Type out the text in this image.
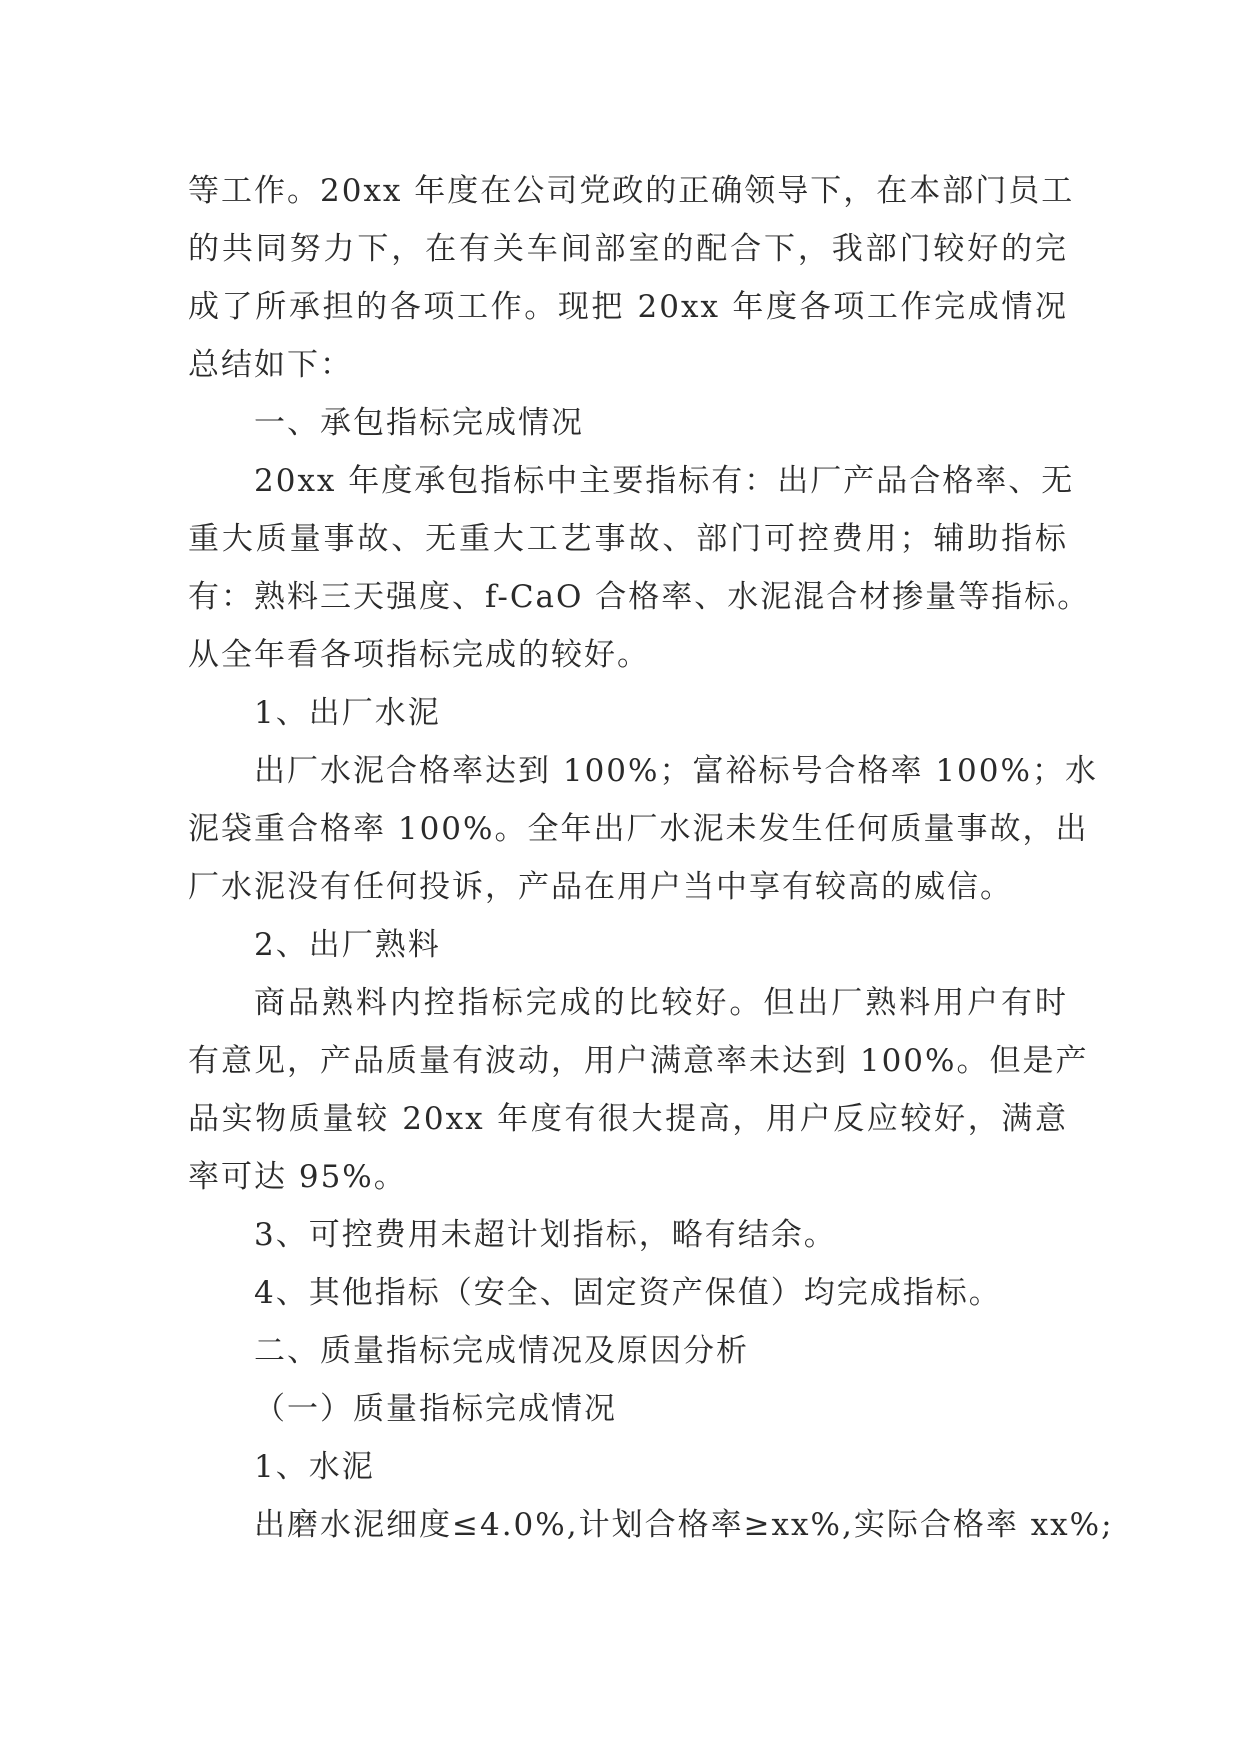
等工作。20xx 年度在公司党政的正确领导下，在本部门员工
的共同努力下，在有关车间部室的配合下，我部门较好的完
成了所承担的各项工作。现把 20xx 年度各项工作完成情况
总结如下：
一、承包指标完成情况
20xx 年度承包指标中主要指标有：出厂产品合格率、无
重大质量事故、无重大工艺事故、部门可控费用；辅助指标
有：熟料三天强度、f-CaO 合格率、水泥混合材掺量等指标。
从全年看各项指标完成的较好。
1、出厂水泥
出厂水泥合格率达到 100%；富裕标号合格率 100%；水
泥袋重合格率 100%。全年出厂水泥未发生任何质量事故，出
厂水泥没有任何投诉，产品在用户当中享有较高的威信。
2、出厂熟料
商品熟料内控指标完成的比较好。但出厂熟料用户有时
有意见，产品质量有波动，用户满意率未达到 100%。但是产
品实物质量较 20xx 年度有很大提高，用户反应较好，满意
率可达 95%。
3、可控费用未超计划指标，略有结余。
4、其他指标（安全、固定资产保值）均完成指标。
二、质量指标完成情况及原因分析
（一）质量指标完成情况
1、水泥
出磨水泥细度≤4.0%,计划合格率≥xx%,实际合格率 xx%;
